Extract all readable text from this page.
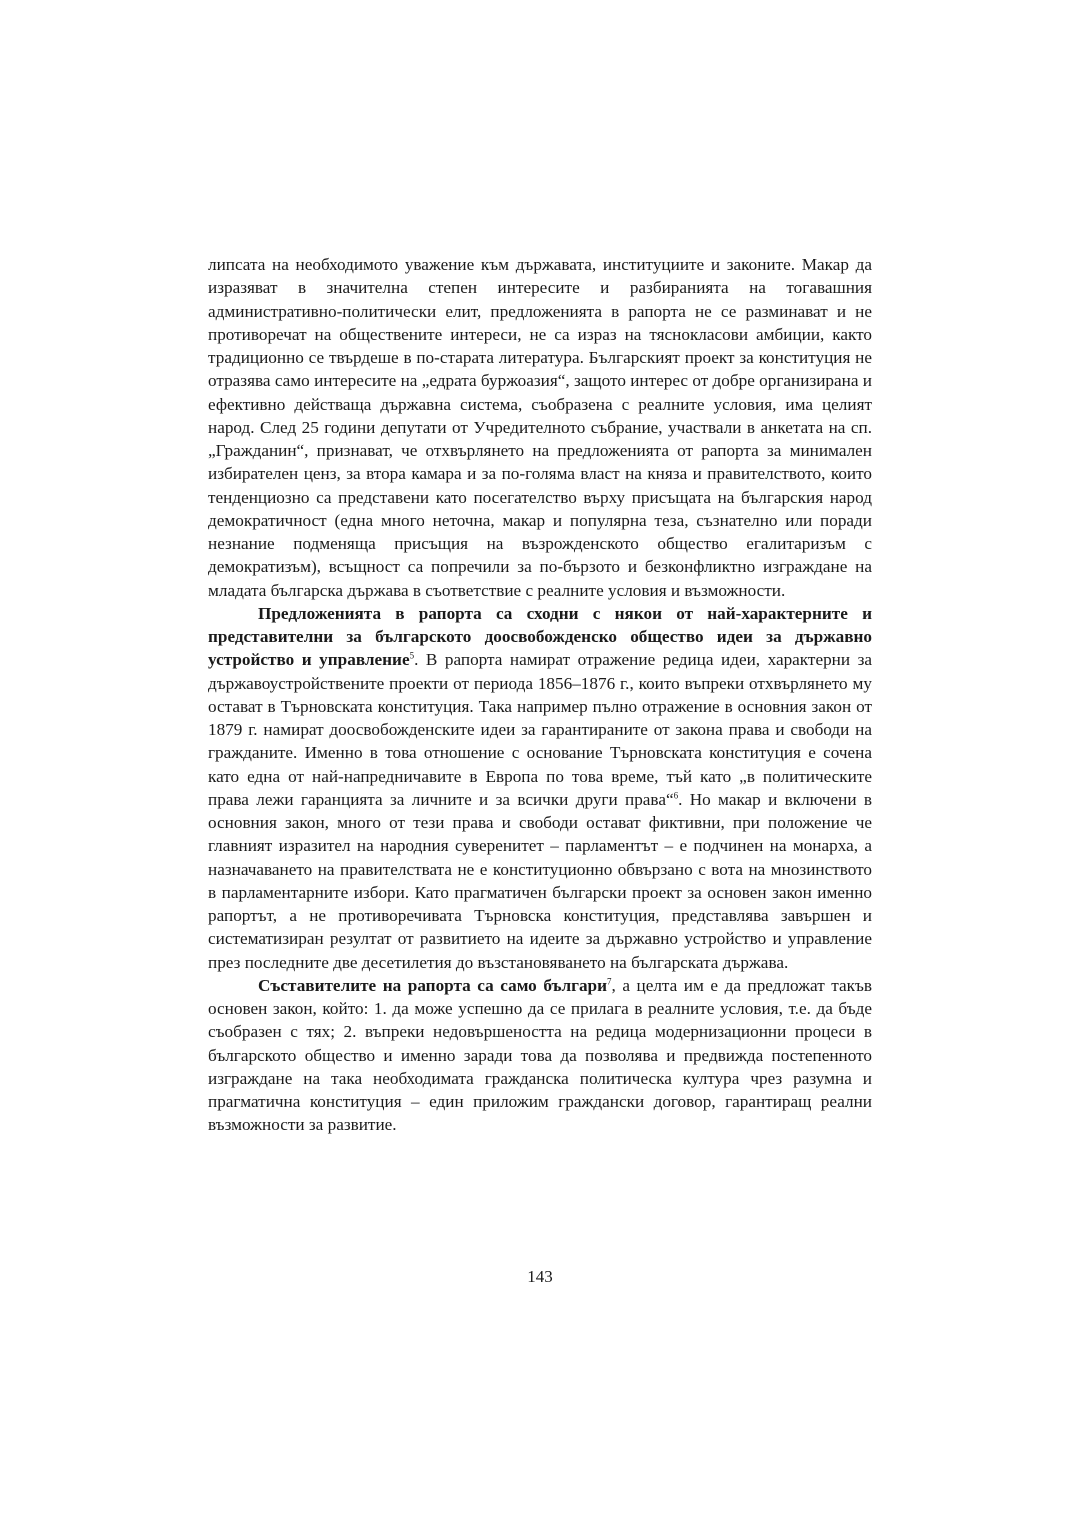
липсата на необходимото уважение към държавата, институциите и законите. Макар да изразяват в значителна степен интересите и разбиранията на тогавашния административно-политически елит, предложенията в рапорта не се разминават и не противоречат на обществените интереси, не са израз на тяснокласови амбиции, както традиционно се твърдеше в по-старата литература. Българският проект за конституция не отразява само интересите на „едрата буржоазия“, защото интерес от добре организирана и ефективно действаща държавна система, съобразена с реалните условия, има целият народ. След 25 години депутати от Учредителното събрание, участвали в анкетата на сп. „Гражданин“, признават, че отхвърлянето на предложенията от рапорта за минимален избирателен ценз, за втора камара и за по-голяма власт на княза и правителството, които тенденциозно са представени като посегателство върху присъщата на българския народ демократичност (една много неточна, макар и популярна теза, съзнателно или поради незнание подменяща присъщия на възрожденското общество егалитаризъм с демократизъм), всъщност са попречили за по-бързото и безконфликтно изграждане на младата българска държава в съответствие с реалните условия и възможности.

Предложенията в рапорта са сходни с някои от най-характерните и представителни за българското доосвобожденско общество идеи за държавно устройство и управление$^5$. В рапорта намират отражение редица идеи, характерни за държавоустройствените проекти от периода 1856–1876 г., които въпреки отхвърлянето му остават в Търновската конституция. Така например пълно отражение в основния закон от 1879 г. намират доосвобожденските идеи за гарантираните от закона права и свободи на гражданите. Именно в това отношение с основание Търновската конституция е сочена като една от най-напредничавите в Европа по това време, тъй като „в политическите права лежи гаранцията за личните и за всички други права“$^6$. Но макар и включени в основния закон, много от тези права и свободи остават фиктивни, при положение че главният изразител на народния суверенитет – парламентът – е подчинен на монарха, а назначаването на правителствата не е конституционно обвързано с вота на мнозинството в парламентарните избори. Като прагматичен български проект за основен закон именно рапортът, а не противоречивата Търновска конституция, представлява завършен и систематизиран резултат от развитието на идеите за държавно устройство и управление през последните две десетилетия до възстановяването на българската държава.

Съставителите на рапорта са само българи$^7$, а целта им е да предложат такъв основен закон, който: 1. да може успешно да се прилага в реалните условия, т.е. да бъде съобразен с тях; 2. въпреки недовършеността на редица модернизационни процеси в българското общество и именно заради това да позволява и предвижда постепенното изграждане на така необходимата гражданска политическа култура чрез разумна и прагматична конституция – един приложим граждански договор, гарантиращ реални възможности за развитие.

143
